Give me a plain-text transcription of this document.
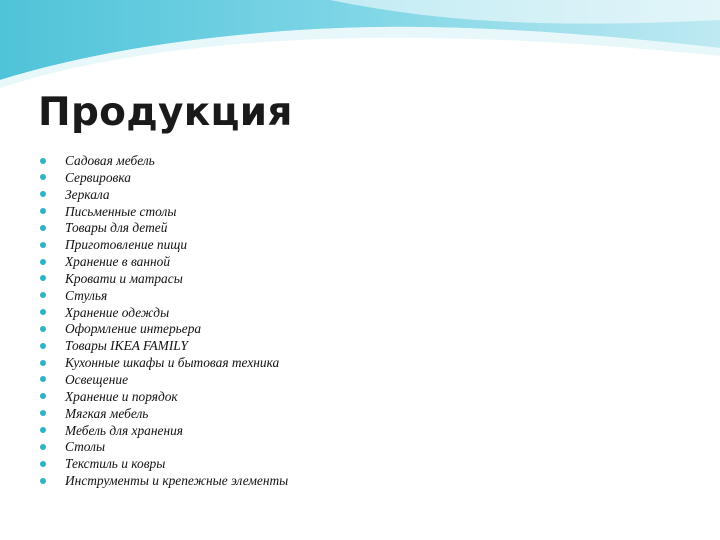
Продукция
Садовая мебель
Сервировка
Зеркала
Письменные столы
Товары для детей
Приготовление пищи
Хранение в ванной
Кровати и матрасы
Стулья
Хранение одежды
Оформление интерьера
Товары IKEA FAMILY
Кухонные шкафы и бытовая техника
Освещение
Хранение и порядок
Мягкая мебель
Мебель для хранения
Столы
Текстиль и ковры
Инструменты и крепежные элементы
